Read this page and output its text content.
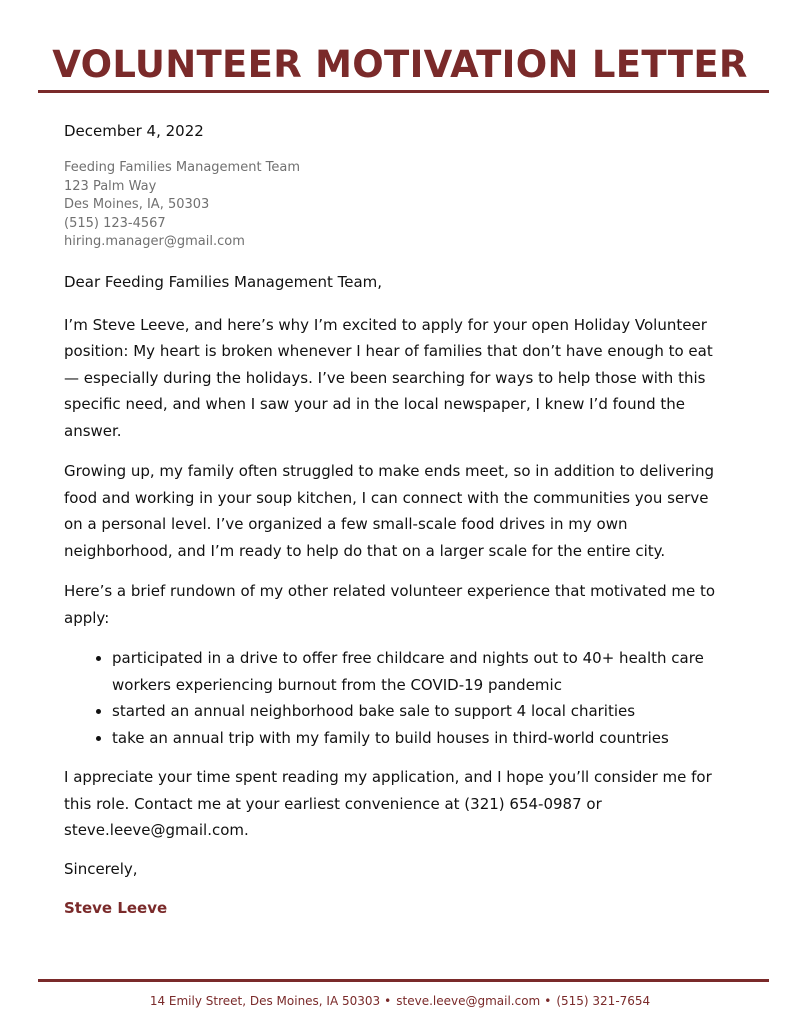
VOLUNTEER MOTIVATION LETTER
December 4, 2022
Feeding Families Management Team
123 Palm Way
Des Moines, IA, 50303
(515) 123-4567
hiring.manager@gmail.com
Dear Feeding Families Management Team,

I’m Steve Leeve, and here’s why I’m excited to apply for your open Holiday Volunteer position: My heart is broken whenever I hear of families that don’t have enough to eat — especially during the holidays. I’ve been searching for ways to help those with this specific need, and when I saw your ad in the local newspaper, I knew I’d found the answer.

Growing up, my family often struggled to make ends meet, so in addition to delivering food and working in your soup kitchen, I can connect with the communities you serve on a personal level. I’ve organized a few small-scale food drives in my own neighborhood, and I’m ready to help do that on a larger scale for the entire city.

Here’s a brief rundown of my other related volunteer experience that motivated me to apply:

• participated in a drive to offer free childcare and nights out to 40+ health care workers experiencing burnout from the COVID-19 pandemic
• started an annual neighborhood bake sale to support 4 local charities
• take an annual trip with my family to build houses in third-world countries

I appreciate your time spent reading my application, and I hope you’ll consider me for this role. Contact me at your earliest convenience at (321) 654-0987 or steve.leeve@gmail.com.

Sincerely,
Steve Leeve
14 Emily Street, Des Moines, IA 50303 • steve.leeve@gmail.com • (515) 321-7654
